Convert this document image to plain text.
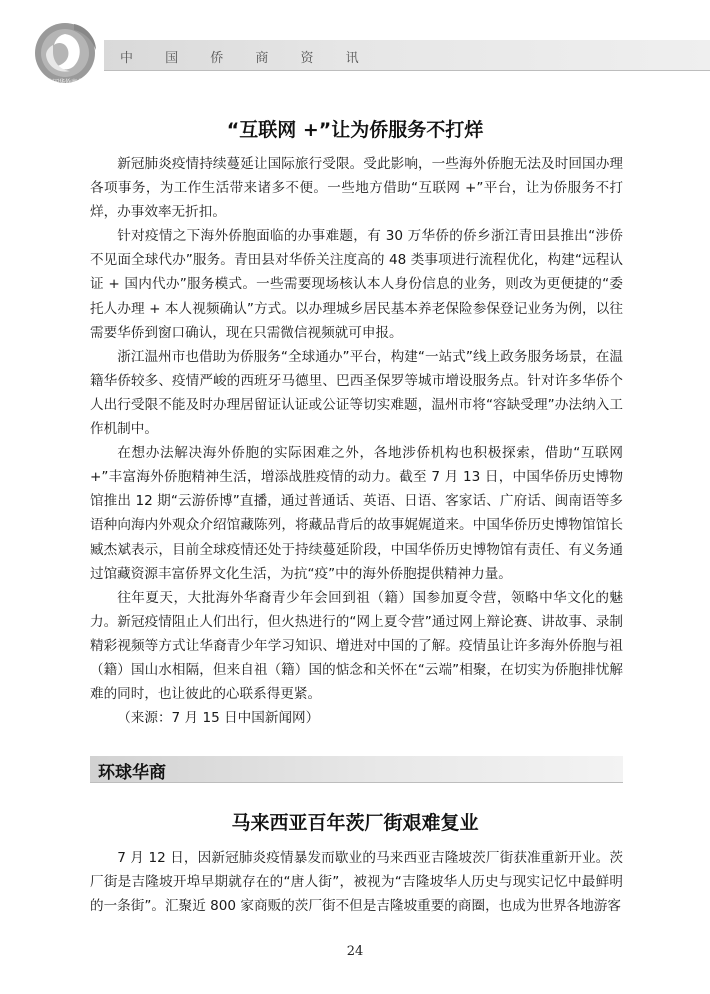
中国华侨商会
中 国 侨 商 资 讯
“互联网 +”让为侨服务不打烊

新冠肺炎疫情持续蔓延让国际旅行受限。受此影响，一些海外侨胞无法及时回国办理各项事务，为工作生活带来诸多不便。一些地方借助“互联网 +”平台，让为侨服务不打烊，办事效率无折扣。

针对疫情之下海外侨胞面临的办事难题，有 30 万华侨的侨乡浙江青田县推出“涉侨不见面全球代办”服务。青田县对华侨关注度高的 48 类事项进行流程优化，构建“远程认证 + 国内代办”服务模式。一些需要现场核认本人身份信息的业务，则改为更便捷的“委托人办理 + 本人视频确认”方式。以办理城乡居民基本养老保险参保登记业务为例，以往需要华侨到窗口确认，现在只需微信视频就可申报。

浙江温州市也借助为侨服务“全球通办”平台，构建“一站式”线上政务服务场景，在温籍华侨较多、疫情严峻的西班牙马德里、巴西圣保罗等城市增设服务点。针对许多华侨个人出行受限不能及时办理居留证认证或公证等切实难题，温州市将“容缺受理”办法纳入工作机制中。

在想办法解决海外侨胞的实际困难之外，各地涉侨机构也积极探索，借助“互联网 +”丰富海外侨胞精神生活，增添战胜疫情的动力。截至 7 月 13 日，中国华侨历史博物馆推出 12 期“云游侨博”直播，通过普通话、英语、日语、客家话、广府话、闽南语等多语种向海内外观众介绍馆藏陈列，将藏品背后的故事娓娓道来。中国华侨历史博物馆馆长臧杰斌表示，目前全球疫情还处于持续蔓延阶段，中国华侨历史博物馆有责任、有义务通过馆藏资源丰富侨界文化生活，为抗“疫”中的海外侨胞提供精神力量。

往年夏天，大批海外华裔青少年会回到祖（籍）国参加夏令营，领略中华文化的魅力。新冠疫情阻止人们出行，但火热进行的“网上夏令营”通过网上辩论赛、讲故事、录制精彩视频等方式让华裔青少年学习知识、增进对中国的了解。疫情虽让许多海外侨胞与祖（籍）国山水相隔，但来自祖（籍）国的惦念和关怀在“云端”相聚，在切实为侨胞排忧解难的同时，也让彼此的心联系得更紧。

（来源：7 月 15 日中国新闻网）

环球华商
马来西亚百年茨厂街艰难复业

7 月 12 日，因新冠肺炎疫情暴发而歇业的马来西亚吉隆坡茨厂街获准重新开业。茨厂街是吉隆坡开埠早期就存在的“唐人街”，被视为“吉隆坡华人历史与现实记忆中最鲜明的一条街”。汇聚近 800 家商贩的茨厂街不但是吉隆坡重要的商圈，也成为世界各地游客

24
